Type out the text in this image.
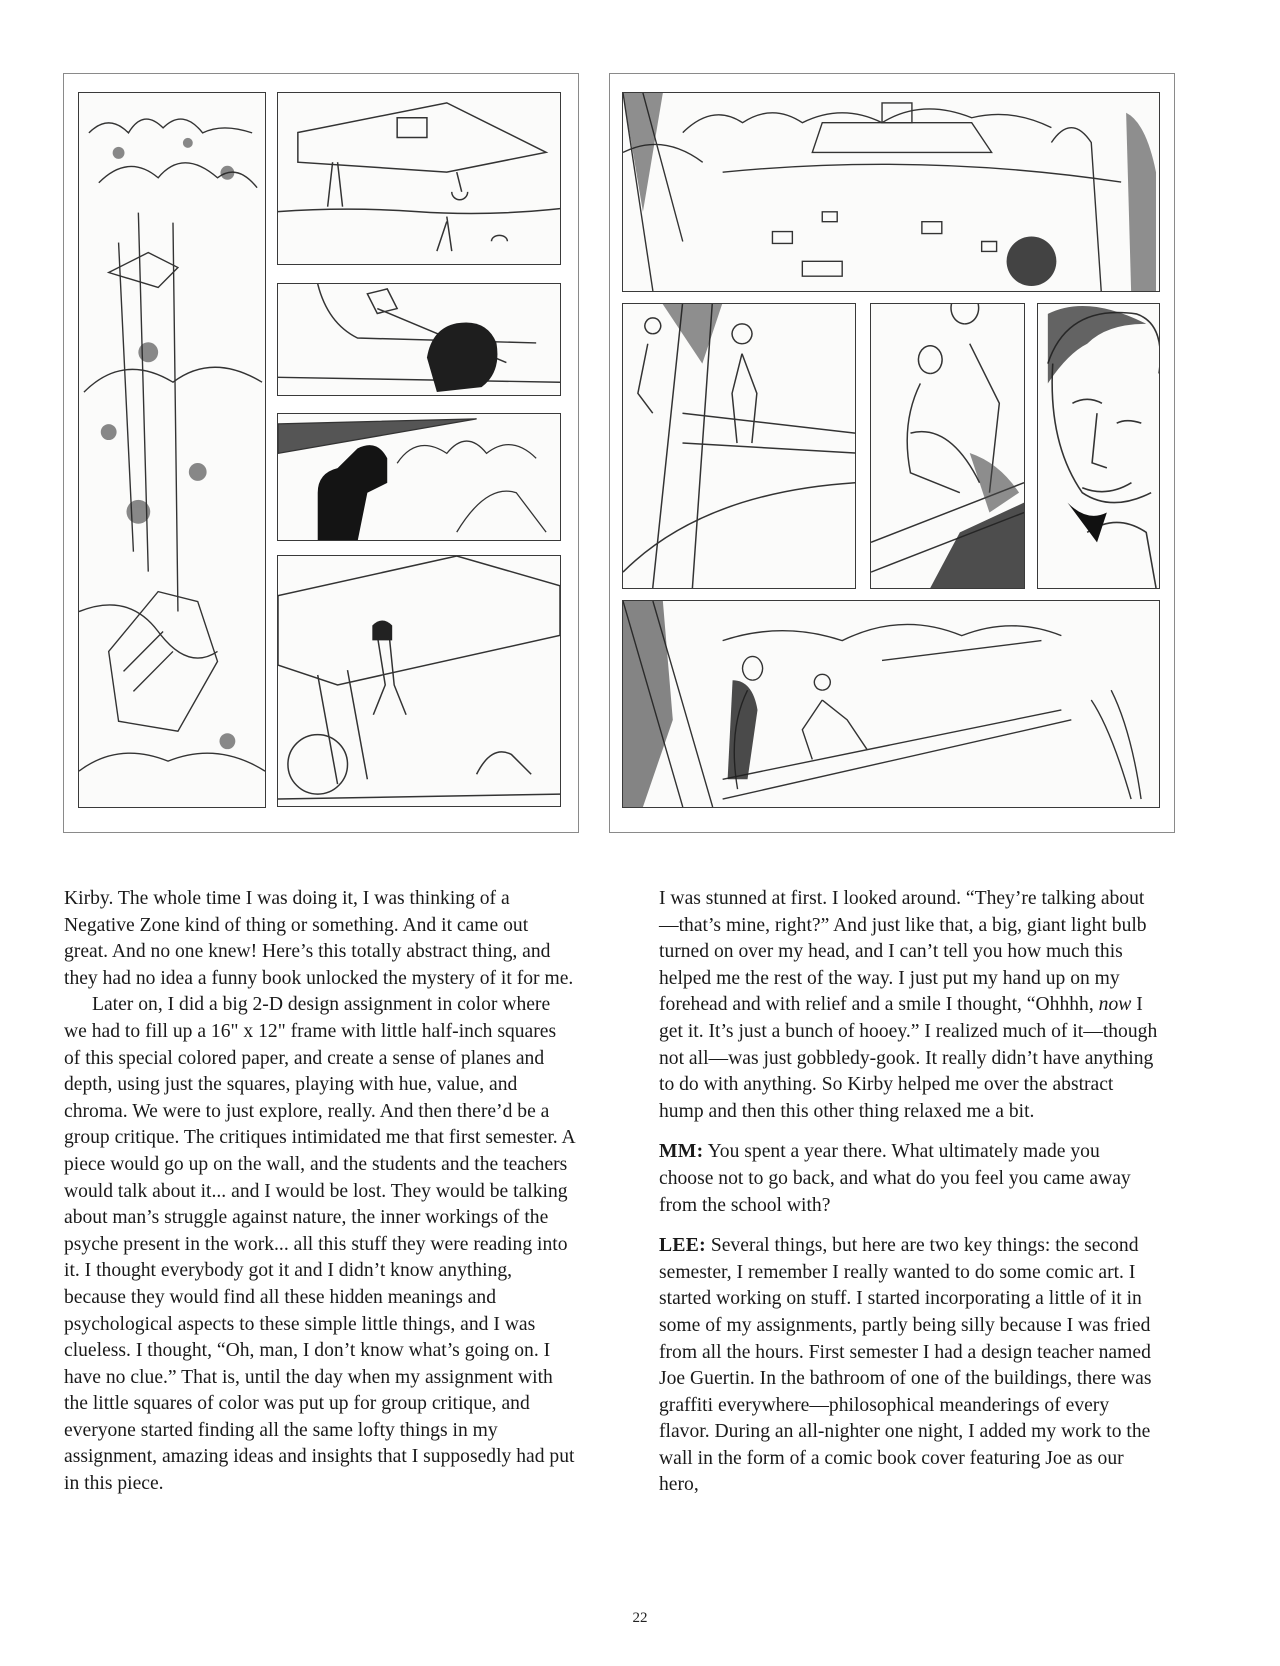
Kirby. The whole time I was doing it, I was thinking of a Negative Zone kind of thing or something. And it came out great. And no one knew! Here’s this totally abstract thing, and they had no idea a funny book unlocked the mystery of it for me.

Later on, I did a big 2-D design assignment in color where we had to fill up a 16" x 12" frame with little half-inch squares of this special colored paper, and create a sense of planes and depth, using just the squares, playing with hue, value, and chroma. We were to just explore, really. And then there’d be a group critique. The critiques intimidated me that first semester. A piece would go up on the wall, and the students and the teachers would talk about it... and I would be lost. They would be talking about man’s struggle against nature, the inner workings of the psyche present in the work... all this stuff they were reading into it. I thought everybody got it and I didn’t know anything, because they would find all these hidden meanings and psychological aspects to these simple little things, and I was clueless. I thought, “Oh, man, I don’t know what’s going on. I have no clue.” That is, until the day when my assignment with the little squares of color was put up for group critique, and everyone started finding all the same lofty things in my assignment, amazing ideas and insights that I supposedly had put in this piece.

I was stunned at first. I looked around. “They’re talking about—that’s mine, right?” And just like that, a big, giant light bulb turned on over my head, and I can’t tell you how much this helped me the rest of the way. I just put my hand up on my forehead and with relief and a smile I thought, “Ohhhh, now I get it. It’s just a bunch of hooey.” I realized much of it—though not all—was just gobbledy-gook. It really didn’t have anything to do with anything. So Kirby helped me over the abstract hump and then this other thing relaxed me a bit.

MM: You spent a year there. What ultimately made you choose not to go back, and what do you feel you came away from the school with?

LEE: Several things, but here are two key things: the second semester, I remember I really wanted to do some comic art. I started working on stuff. I started incorporating a little of it in some of my assignments, partly being silly because I was fried from all the hours. First semester I had a design teacher named Joe Guertin. In the bathroom of one of the buildings, there was graffiti everywhere—philosophical meanderings of every flavor. During an all-nighter one night, I added my work to the wall in the form of a comic book cover featuring Joe as our hero,

22
